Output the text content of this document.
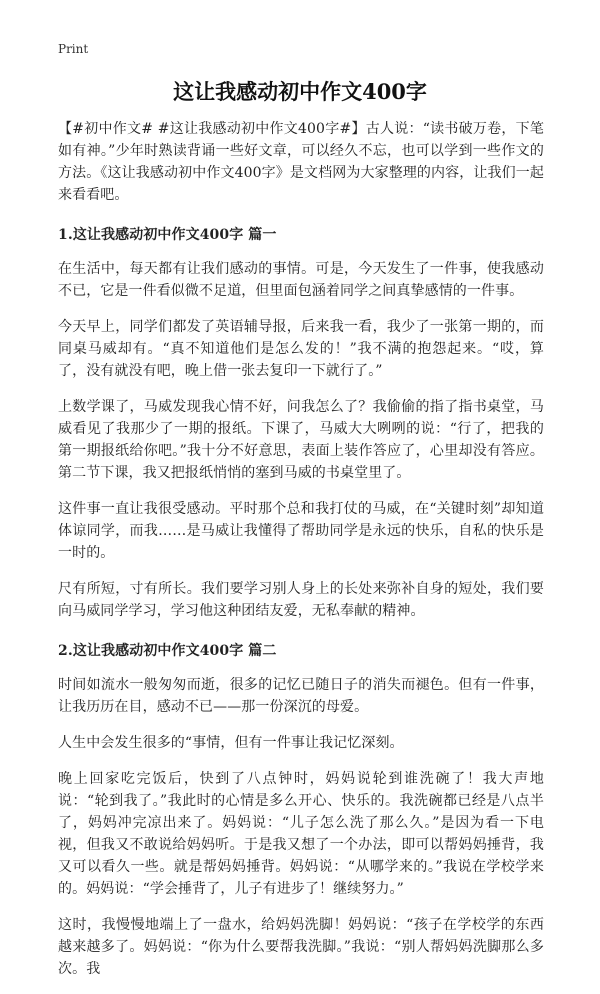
Print
这让我感动初中作文400字

【#初中作文# #这让我感动初中作文400字#】古人说：“读书破万卷，下笔如有神。”少年时熟读背诵一些好文章，可以经久不忘，也可以学到一些作文的方法。《这让我感动初中作文400字》是文档网为大家整理的内容，让我们一起来看看吧。

1.这让我感动初中作文400字 篇一

在生活中，每天都有让我们感动的事情。可是，今天发生了一件事，使我感动不已，它是一件看似微不足道，但里面包涵着同学之间真挚感情的一件事。

今天早上，同学们都发了英语辅导报，后来我一看，我少了一张第一期的，而同桌马威却有。“真不知道他们是怎么发的！”我不满的抱怨起来。“哎，算了，没有就没有吧，晚上借一张去复印一下就行了。”

上数学课了，马威发现我心情不好，问我怎么了？我偷偷的指了指书桌堂，马威看见了我那少了一期的报纸。下课了，马威大大咧咧的说：“行了，把我的第一期报纸给你吧。”我十分不好意思，表面上装作答应了，心里却没有答应。第二节下课，我又把报纸悄悄的塞到马威的书桌堂里了。

这件事一直让我很受感动。平时那个总和我打仗的马威，在“关键时刻”却知道体谅同学，而我……是马威让我懂得了帮助同学是永远的快乐，自私的快乐是一时的。

尺有所短，寸有所长。我们要学习别人身上的长处来弥补自身的短处，我们要向马威同学学习，学习他这种团结友爱，无私奉献的精神。

2.这让我感动初中作文400字 篇二

时间如流水一般匆匆而逝，很多的记忆已随日子的消失而褪色。但有一件事，让我历历在目，感动不已——那一份深沉的母爱。

人生中会发生很多的“事情，但有一件事让我记忆深刻。

晚上回家吃完饭后，快到了八点钟时，妈妈说轮到谁洗碗了！我大声地说：“轮到我了。”我此时的心情是多么开心、快乐的。我洗碗都已经是八点半了，妈妈冲完凉出来了。妈妈说：“儿子怎么洗了那么久。”是因为看一下电视，但我又不敢说给妈妈听。于是我又想了一个办法，即可以帮妈妈捶背，我又可以看久一些。就是帮妈妈捶背。妈妈说：“从哪学来的。”我说在学校学来的。妈妈说：“学会捶背了，儿子有进步了！继续努力。”

这时，我慢慢地端上了一盘水，给妈妈洗脚！妈妈说：“孩子在学校学的东西越来越多了。妈妈说：“你为什么要帮我洗脚。”我说：“别人帮妈妈洗脚那么多次。我
